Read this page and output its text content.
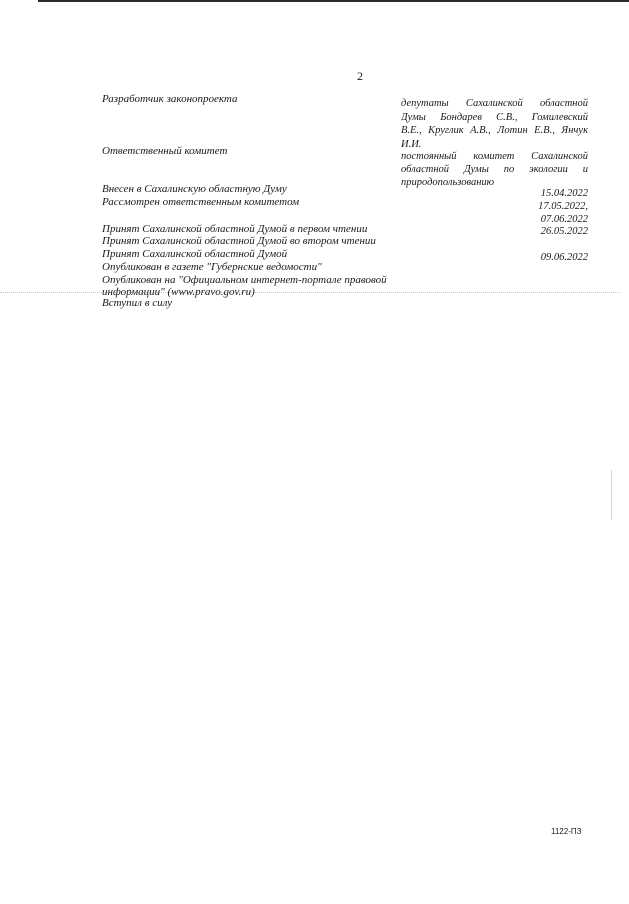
2
Разработчик законопроекта	депутаты Сахалинской областной
Думы Бондарев С.В., Гомилевский
В.Е., Круглик А.В., Лотин Е.В., Янчук
И.И.
Ответственный комитет	постоянный комитет Сахалинской
областной Думы по экологии и
природопользованию
Внесен в Сахалинскую областную Думу	15.04.2022
Рассмотрен ответственным комитетом	17.05.2022,
07.06.2022
Принят Сахалинской областной Думой в первом чтении	26.05.2022
Принят Сахалинской областной Думой во втором чтении
Принят Сахалинской областной Думой	09.06.2022
Опубликован в газете "Губернские ведомости"
Опубликован на "Официальном интернет-портале правовой
информации" (www.pravo.gov.ru)
Вступил в силу
1122-ПЗ
